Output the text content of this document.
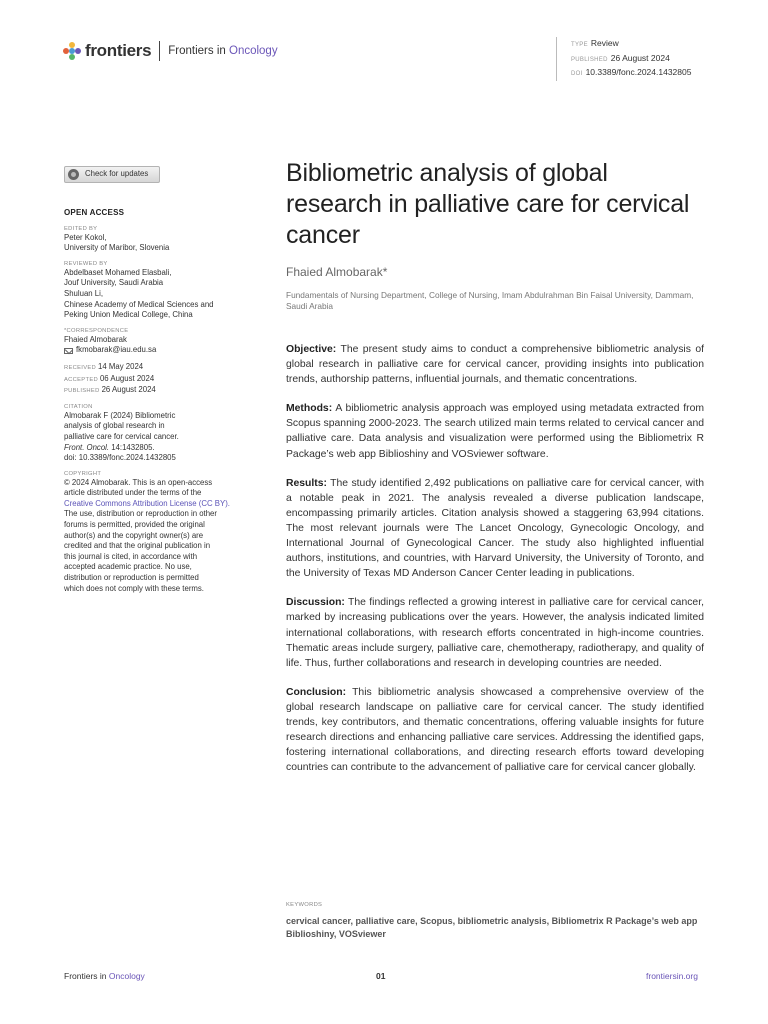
frontiers Frontiers in Oncology	TYPE Review
PUBLISHED 26 August 2024
DOI 10.3389/fonc.2024.1432805
Check for updates
OPEN ACCESS
EDITED BY
Peter Kokol,
University of Maribor, Slovenia
REVIEWED BY
Abdelbaset Mohamed Elasbali,
Jouf University, Saudi Arabia
Shuluan Li,
Chinese Academy of Medical Sciences and
Peking Union Medical College, China
*CORRESPONDENCE
Fhaied Almobarak
fkmobarak@iau.edu.sa
RECEIVED 14 May 2024
ACCEPTED 06 August 2024
PUBLISHED 26 August 2024
CITATION
Almobarak F (2024) Bibliometric
analysis of global research in
palliative care for cervical cancer.
Front. Oncol. 14:1432805.
doi: 10.3389/fonc.2024.1432805
COPYRIGHT
© 2024 Almobarak. This is an open-access
article distributed under the terms of the
Creative Commons Attribution License (CC BY).
The use, distribution or reproduction in other
forums is permitted, provided the original
author(s) and the copyright owner(s) are
credited and that the original publication in
this journal is cited, in accordance with
accepted academic practice. No use,
distribution or reproduction is permitted
which does not comply with these terms.
Bibliometric analysis of global research in palliative care for cervical cancer
Fhaied Almobarak*
Fundamentals of Nursing Department, College of Nursing, Imam Abdulrahman Bin Faisal University, Dammam, Saudi Arabia

Objective: The present study aims to conduct a comprehensive bibliometric analysis of global research in palliative care for cervical cancer, providing insights into publication trends, authorship patterns, influential journals, and thematic concentrations.

Methods: A bibliometric analysis approach was employed using metadata extracted from Scopus spanning 2000-2023. The search utilized main terms related to cervical cancer and palliative care. Data analysis and visualization were performed using the Bibliometrix R Package’s web app Biblioshiny and VOSviewer software.

Results: The study identified 2,492 publications on palliative care for cervical cancer, with a notable peak in 2021. The analysis revealed a diverse publication landscape, encompassing primarily articles. Citation analysis showed a staggering 63,994 citations. The most relevant journals were The Lancet Oncology, Gynecologic Oncology, and International Journal of Gynecological Cancer. The study also highlighted influential authors, institutions, and countries, with Harvard University, the University of Toronto, and the University of Texas MD Anderson Cancer Center leading in publications.

Discussion: The findings reflected a growing interest in palliative care for cervical cancer, marked by increasing publications over the years. However, the analysis indicated limited international collaborations, with research efforts concentrated in high-income countries. Thematic areas include surgery, palliative care, chemotherapy, radiotherapy, and quality of life. Thus, further collaborations and research in developing countries are needed.

Conclusion: This bibliometric analysis showcased a comprehensive overview of the global research landscape on palliative care for cervical cancer. The study identified trends, key contributors, and thematic concentrations, offering valuable insights for future research directions and enhancing palliative care services. Addressing the identified gaps, fostering international collaborations, and directing research efforts toward developing countries can contribute to the advancement of palliative care for cervical cancer globally.

KEYWORDS
cervical cancer, palliative care, Scopus, bibliometric analysis, Bibliometrix R Package’s web app Biblioshiny, VOSviewer
Frontiers in Oncology	01	frontiersin.org
